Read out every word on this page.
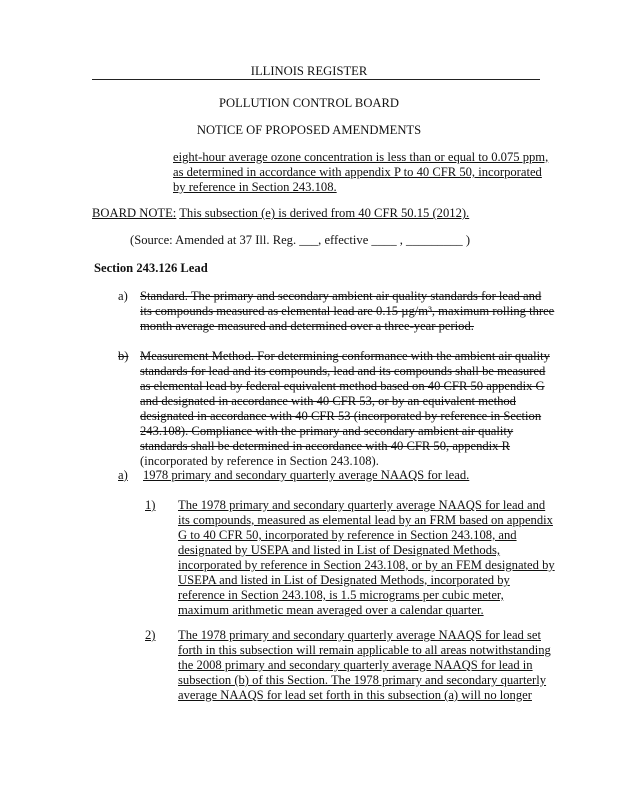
ILLINOIS REGISTER
POLLUTION CONTROL BOARD
NOTICE OF PROPOSED AMENDMENTS
eight-hour average ozone concentration is less than or equal to 0.075 ppm,
as determined in accordance with appendix P to 40 CFR 50, incorporated
by reference in Section 243.108.
BOARD NOTE: This subsection (e) is derived from 40 CFR 50.15 (2012).
(Source: Amended at 37 Ill. Reg. ___, effective ____ , _________ )
Section 243.126 Lead
a) Standard. The primary and secondary ambient air quality standards for lead and
its compounds measured as elemental lead are 0.15 µg/m³, maximum rolling three
month average measured and determined over a three-year period.
b) Measurement Method. For determining conformance with the ambient air quality
standards for lead and its compounds, lead and its compounds shall be measured
as elemental lead by federal equivalent method based on 40 CFR 50 appendix G
and designated in accordance with 40 CFR 53, or by an equivalent method
designated in accordance with 40 CFR 53 (incorporated by reference in Section
243.108). Compliance with the primary and secondary ambient air quality
standards shall be determined in accordance with 40 CFR 50, appendix R
(incorporated by reference in Section 243.108).
a) 1978 primary and secondary quarterly average NAAQS for lead.
1) The 1978 primary and secondary quarterly average NAAQS for lead and
its compounds, measured as elemental lead by an FRM based on appendix
G to 40 CFR 50, incorporated by reference in Section 243.108, and
designated by USEPA and listed in List of Designated Methods,
incorporated by reference in Section 243.108, or by an FEM designated by
USEPA and listed in List of Designated Methods, incorporated by
reference in Section 243.108, is 1.5 micrograms per cubic meter,
maximum arithmetic mean averaged over a calendar quarter.
2) The 1978 primary and secondary quarterly average NAAQS for lead set
forth in this subsection will remain applicable to all areas notwithstanding
the 2008 primary and secondary quarterly average NAAQS for lead in
subsection (b) of this Section. The 1978 primary and secondary quarterly
average NAAQS for lead set forth in this subsection (a) will no longer
